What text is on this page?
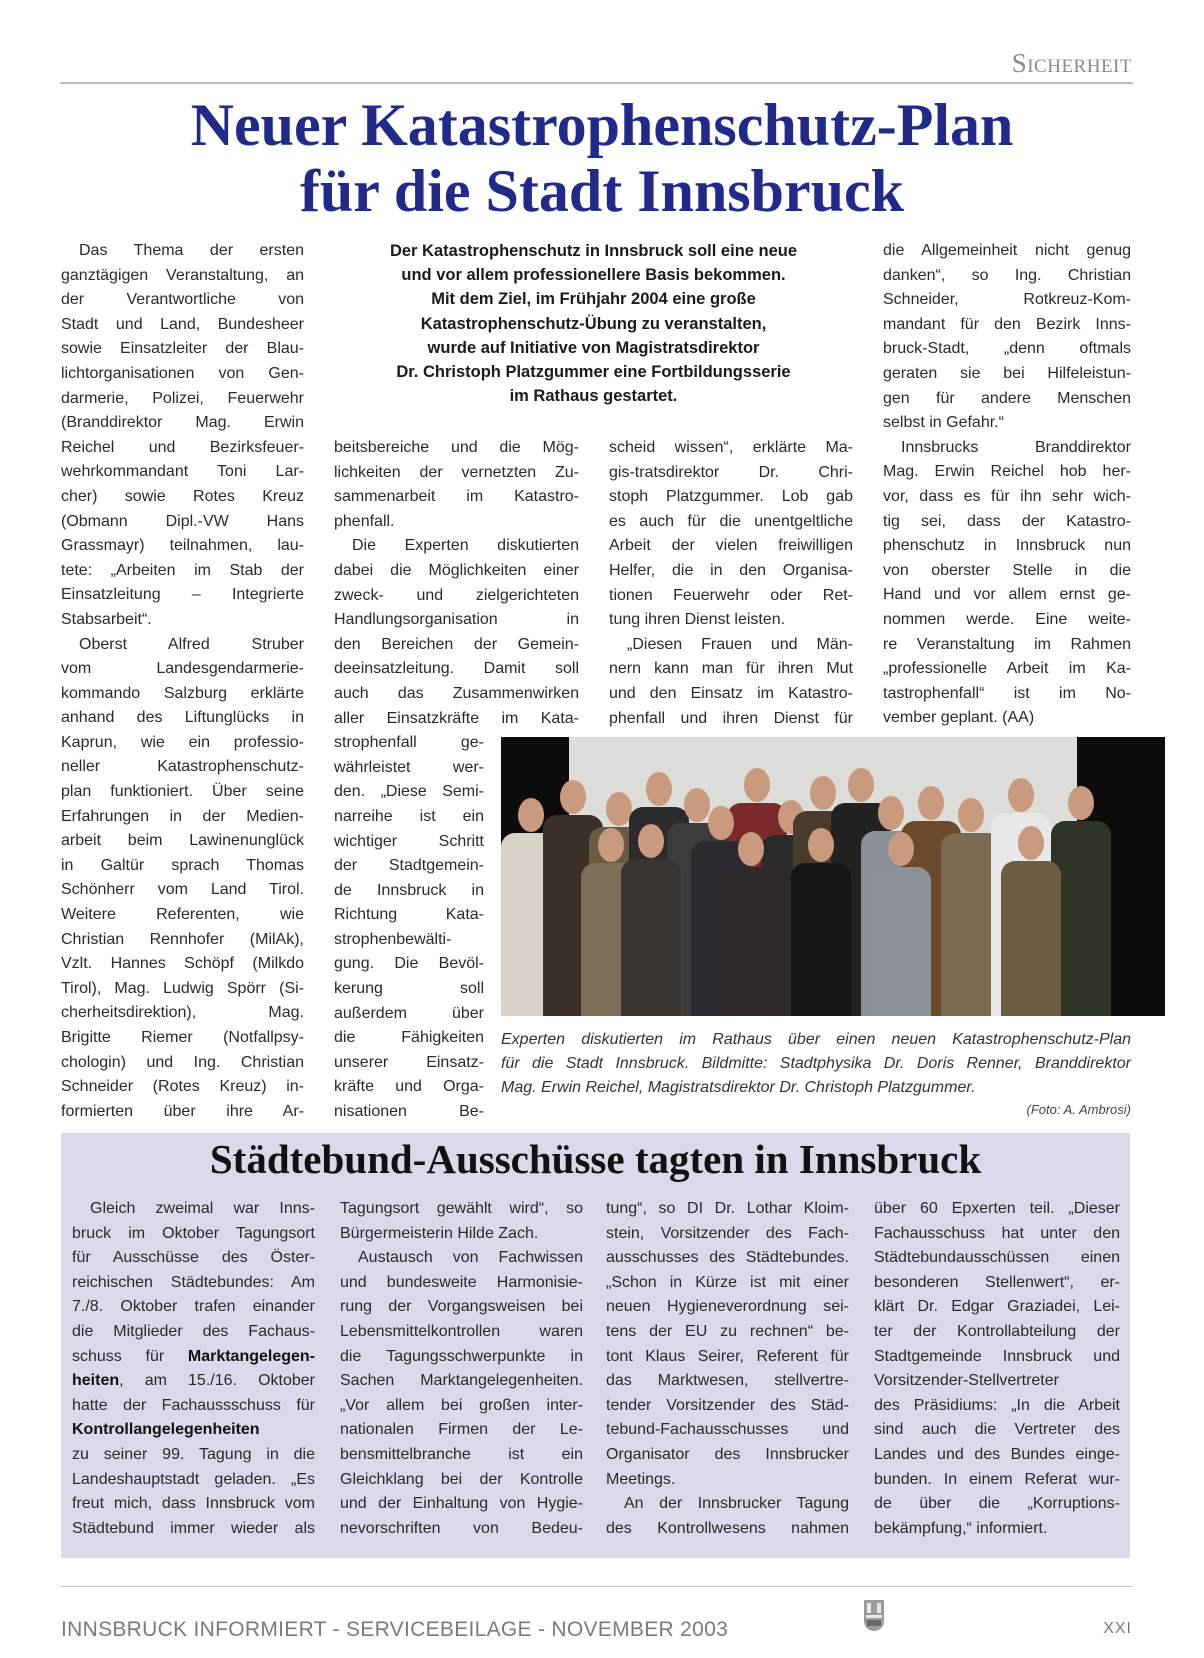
Sicherheit
Neuer Katastrophenschutz-Plan
für die Stadt Innsbruck
Der Katastrophenschutz in Innsbruck soll eine neue
und vor allem professionellere Basis bekommen.
Mit dem Ziel, im Frühjahr 2004 eine große
Katastrophenschutz-Übung zu veranstalten,
wurde auf Initiative von Magistratsdirektor
Dr. Christoph Platzgummer eine Fortbildungsserie
im Rathaus gestartet.
Das Thema der ersten
ganztägigen Veranstaltung, an
der Verantwortliche von
Stadt und Land, Bundesheer
sowie Einsatzleiter der Blau-
lichtorganisationen von Gen-
darmerie, Polizei, Feuerwehr
(Branddirektor Mag. Erwin
Reichel und Bezirksfeuer-
wehrkommandant Toni Lar-
cher) sowie Rotes Kreuz
(Obmann Dipl.-VW Hans
Grassmayr) teilnahmen, lau-
tete: „Arbeiten im Stab der
Einsatzleitung – Integrierte
Stabsarbeit“.
Oberst Alfred Struber
vom Landesgendarmerie-
kommando Salzburg erklärte
anhand des Liftunglücks in
Kaprun, wie ein professio-
neller Katastrophenschutz-
plan funktioniert. Über seine
Erfahrungen in der Medien-
arbeit beim Lawinenunglück
in Galtür sprach Thomas
Schönherr vom Land Tirol.
Weitere Referenten, wie
Christian Rennhofer (MilAk),
Vzlt. Hannes Schöpf (Milkdo
Tirol), Mag. Ludwig Spörr (Si-
cherheitsdirektion), Mag.
Brigitte Riemer (Notfallpsy-
chologin) und Ing. Christian
Schneider (Rotes Kreuz) in-
formierten über ihre Ar-
beitsbereiche und die Mög-
lichkeiten der vernetzten Zu-
sammenarbeit im Katastro-
phenfall.
Die Experten diskutierten
dabei die Möglichkeiten einer
zweck- und zielgerichteten
Handlungsorganisation in
den Bereichen der Gemein-
deeinsatzleitung. Damit soll
auch das Zusammenwirken
aller Einsatzkräfte im Kata-
strophenfall ge-
währleistet wer-
den. „Diese Semi-
narreihe ist ein
wichtiger Schritt
der Stadtgemein-
de Innsbruck in
Richtung Kata-
strophenbewälti-
gung. Die Bevöl-
kerung soll
außerdem über
die Fähigkeiten
unserer Einsatz-
kräfte und Orga-
nisationen Be-
scheid wissen“, erklärte Ma-
gis-tratsdirektor Dr. Chri-
stoph Platzgummer. Lob gab
es auch für die unentgeltliche
Arbeit der vielen freiwilligen
Helfer, die in den Organisa-
tionen Feuerwehr oder Ret-
tung ihren Dienst leisten.
„Diesen Frauen und Män-
nern kann man für ihren Mut
und den Einsatz im Katastro-
phenfall und ihren Dienst für
die Allgemeinheit nicht genug
danken“, so Ing. Christian
Schneider, Rotkreuz-Kom-
mandant für den Bezirk Inns-
bruck-Stadt, „denn oftmals
geraten sie bei Hilfeleistun-
gen für andere Menschen
selbst in Gefahr.“
Innsbrucks Branddirektor
Mag. Erwin Reichel hob her-
vor, dass es für ihn sehr wich-
tig sei, dass der Katastro-
phenschutz in Innsbruck nun
von oberster Stelle in die
Hand und vor allem ernst ge-
nommen werde. Eine weite-
re Veranstaltung im Rahmen
„professionelle Arbeit im Ka-
tastrophenfall“ ist im No-
vember geplant. (AA)
Experten diskutierten im Rathaus über einen neuen Katastrophenschutz-Plan
für die Stadt Innsbruck. Bildmitte: Stadtphysika Dr. Doris Renner, Branddirektor
Mag. Erwin Reichel, Magistratsdirektor Dr. Christoph Platzgummer.
(Foto: A. Ambrosi)
Städtebund-Ausschüsse tagten in Innsbruck
Gleich zweimal war Inns-
bruck im Oktober Tagungsort
für Ausschüsse des Öster-
reichischen Städtebundes: Am
7./8. Oktober trafen einander
die Mitglieder des Fachaus-
schuss für Marktangelegen-
heiten, am 15./16. Oktober
hatte der Fachaussschuss für
Kontrollangelegenheiten
zu seiner 99. Tagung in die
Landeshauptstadt geladen. „Es
freut mich, dass Innsbruck vom
Städtebund immer wieder als
Tagungsort gewählt wird“, so
Bürgermeisterin Hilde Zach.
Austausch von Fachwissen
und bundesweite Harmonisie-
rung der Vorgangsweisen bei
Lebensmittelkontrollen waren
die Tagungsschwerpunkte in
Sachen Marktangelegenheiten.
„Vor allem bei großen inter-
nationalen Firmen der Le-
bensmittelbranche ist ein
Gleichklang bei der Kontrolle
und der Einhaltung von Hygie-
nevorschriften von Bedeu-
tung“, so DI Dr. Lothar Kloim-
stein, Vorsitzender des Fach-
ausschusses des Städtebundes.
„Schon in Kürze ist mit einer
neuen Hygieneverordnung sei-
tens der EU zu rechnen“ be-
tont Klaus Seirer, Referent für
das Marktwesen, stellvertre-
tender Vorsitzender des Städ-
tebund-Fachausschusses und
Organisator des Innsbrucker
Meetings.
An der Innsbrucker Tagung
des Kontrollwesens nahmen
über 60 Epxerten teil. „Dieser
Fachausschuss hat unter den
Städtebundausschüssen einen
besonderen Stellenwert“, er-
klärt Dr. Edgar Graziadei, Lei-
ter der Kontrollabteilung der
Stadtgemeinde Innsbruck und
Vorsitzender-Stellvertreter
des Präsidiums: „In die Arbeit
sind auch die Vertreter des
Landes und des Bundes einge-
bunden. In einem Referat wur-
de über die „Korruptions-
bekämpfung,“ informiert.
INNSBRUCK INFORMIERT - SERVICEBEILAGE - NOVEMBER 2003	XXI
